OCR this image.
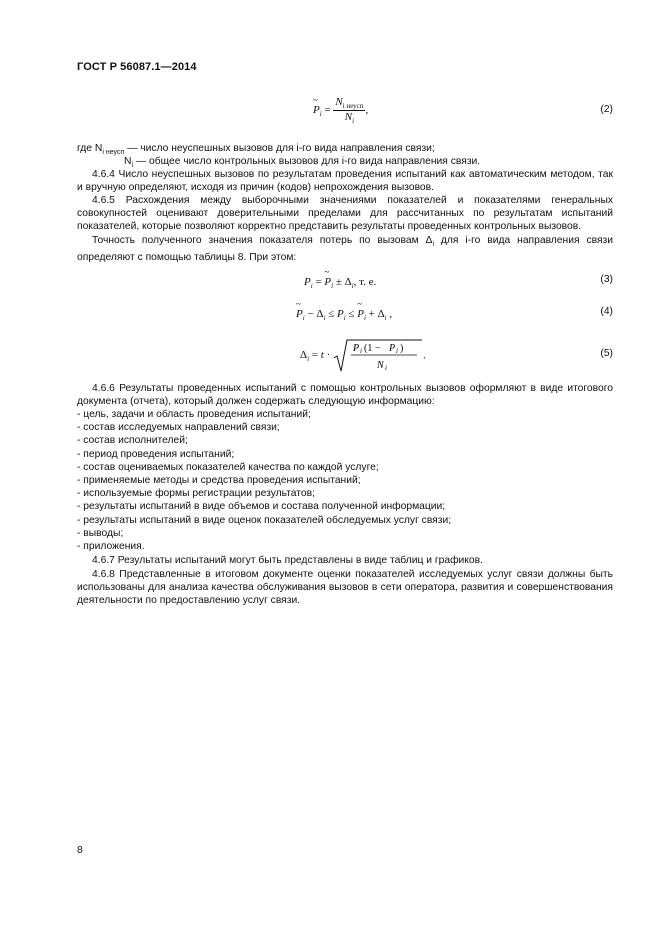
ГОСТ Р 56087.1—2014
~ $P_i = \frac{N_{i неусп}}{N_i}$ ,	(2)
где $N_{i неусп}$ — число неуспешных вызовов для i-го вида направления связи;
$N_i$ — общее число контрольных вызовов для i-го вида направления связи.
4.6.4 Число неуспешных вызовов по результатам проведения испытаний как автоматическим методом, так и вручную определяют, исходя из причин (кодов) непрохождения вызовов.
4.6.5 Расхождения между выборочными значениями показателей и показателями генеральных совокупностей оценивают доверительными пределами для рассчитанных по результатам испытаний показателей, которые позволяют корректно представить результаты проведенных контрольных вызовов.
Точность полученного значения показателя потерь по вызовам $\Delta_i$ для i-го вида направления связи определяют с помощью таблицы 8. При этом:
$P_i$ = ~ $P_i \pm \Delta_i$, т. е.	(3)
~ $P_i - \Delta_i \le P_i$ ≤ ~ $P_i + \Delta_i$ ,	(4)
$\Delta_i = t$ ·
P i (1 − P i )
N i
.	(5)
4.6.6 Результаты проведенных испытаний с помощью контрольных вызовов оформляют в виде итогового документа (отчета), который должен содержать следующую информацию:
- цель, задачи и область проведения испытаний;
- состав исследуемых направлений связи;
- состав исполнителей;
- период проведения испытаний;
- состав оцениваемых показателей качества по каждой услуге;
- применяемые методы и средства проведения испытаний;
- используемые формы регистрации результатов;
- результаты испытаний в виде объемов и состава полученной информации;
- результаты испытаний в виде оценок показателей обследуемых услуг связи;
- выводы;
- приложения.
4.6.7 Результаты испытаний могут быть представлены в виде таблиц и графиков.
4.6.8 Представленные в итоговом документе оценки показателей исследуемых услуг связи должны быть использованы для анализа качества обслуживания вызовов в сети оператора, развития и совершенствования деятельности по предоставлению услуг связи.
8
